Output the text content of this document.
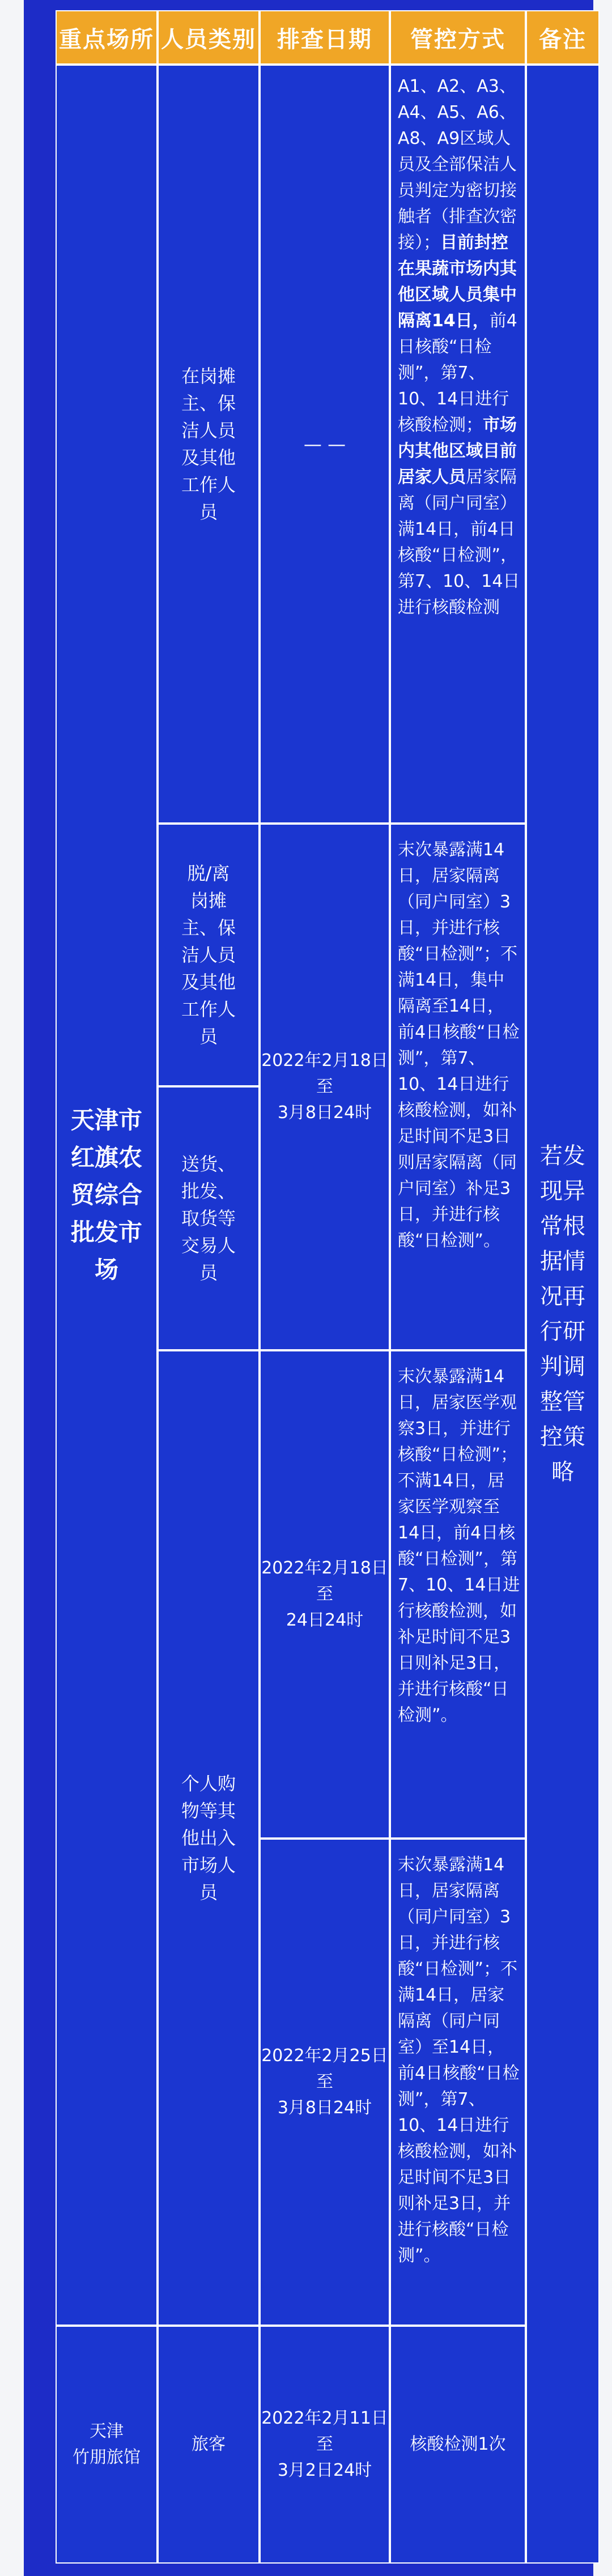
重点场所 人员类别 排查日期	管控方式	备注
天津市红旗农贸综合批发市场
在岗摊主、保洁人员及其他工作人员
— —
A1、A2、A3、A4、A5、A6、A8、A9区域人员及全部保洁人员判定为密切接触者（排查次密接）；目前封控在果蔬市场内其他区域人员集中隔离14日，前4日核酸“日检测”，第7、10、14日进行核酸检测；市场内其他区域目前居家人员居家隔离（同户同室）满14日，前4日核酸“日检测”，第7、10、14日进行核酸检测
脱/离岗摊主、保洁人员及其他工作人员
送货、批发、取货等交易人员
2022年2月18日
至
3月8日24时
末次暴露满14日，居家隔离（同户同室）3日，并进行核酸“日检测”；不满14日，集中隔离至14日，前4日核酸“日检测”，第7、10、14日进行核酸检测，如补足时间不足3日则居家隔离（同户同室）补足3日，并进行核酸“日检测”。
个人购物等其他出入市场人员
2022年2月18日
至
24日24时
末次暴露满14日，居家医学观察3日，并进行核酸“日检测”；不满14日，居家医学观察至14日，前4日核酸“日检测”，第7、10、14日进行核酸检测，如补足时间不足3日则补足3日，并进行核酸“日检测”。
2022年2月25日
至
3月8日24时
末次暴露满14日，居家隔离（同户同室）3日，并进行核酸“日检测”；不满14日，居家隔离（同户同室）至14日，前4日核酸“日检测”，第7、10、14日进行核酸检测，如补足时间不足3日则补足3日，并进行核酸“日检测”。
天津
竹朋旅馆
旅客
2022年2月11日
至
3月2日24时
核酸检测1次
若发现异常根据情况再行研判调整管控策略
